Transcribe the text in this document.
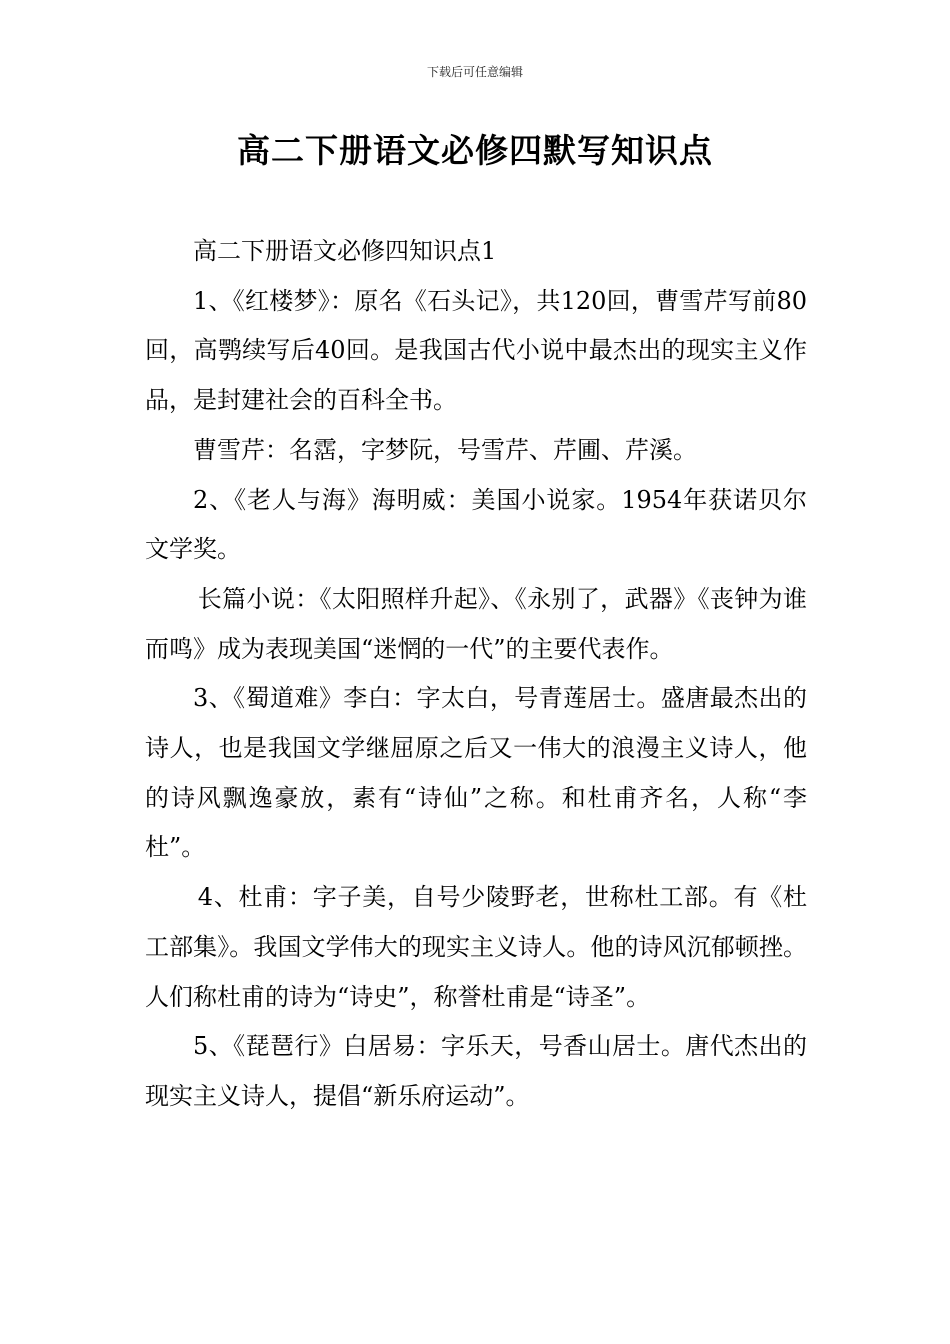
下载后可任意编辑
高二下册语文必修四默写知识点

高二下册语文必修四知识点1

1、《红楼梦》：原名《石头记》，共120回，曹雪芹写前80回，高鹗续写后40回。是我国古代小说中最杰出的现实主义作品，是封建社会的百科全书。

曹雪芹：名霑，字梦阮，号雪芹、芹圃、芹溪。

2、《老人与海》海明威：美国小说家。1954年获诺贝尔文学奖。

长篇小说：《太阳照样升起》、《永别了，武器》《丧钟为谁而鸣》成为表现美国“迷惘的一代”的主要代表作。

3、《蜀道难》李白：字太白，号青莲居士。盛唐最杰出的诗人，也是我国文学继屈原之后又一伟大的浪漫主义诗人，他的诗风飘逸豪放，素有“诗仙”之称。和杜甫齐名，人称“李杜”。

4、杜甫：字子美，自号少陵野老，世称杜工部。有《杜工部集》。我国文学伟大的现实主义诗人。他的诗风沉郁顿挫。人们称杜甫的诗为“诗史”，称誉杜甫是“诗圣”。

5、《琵琶行》白居易：字乐天，号香山居士。唐代杰出的现实主义诗人，提倡“新乐府运动”。
